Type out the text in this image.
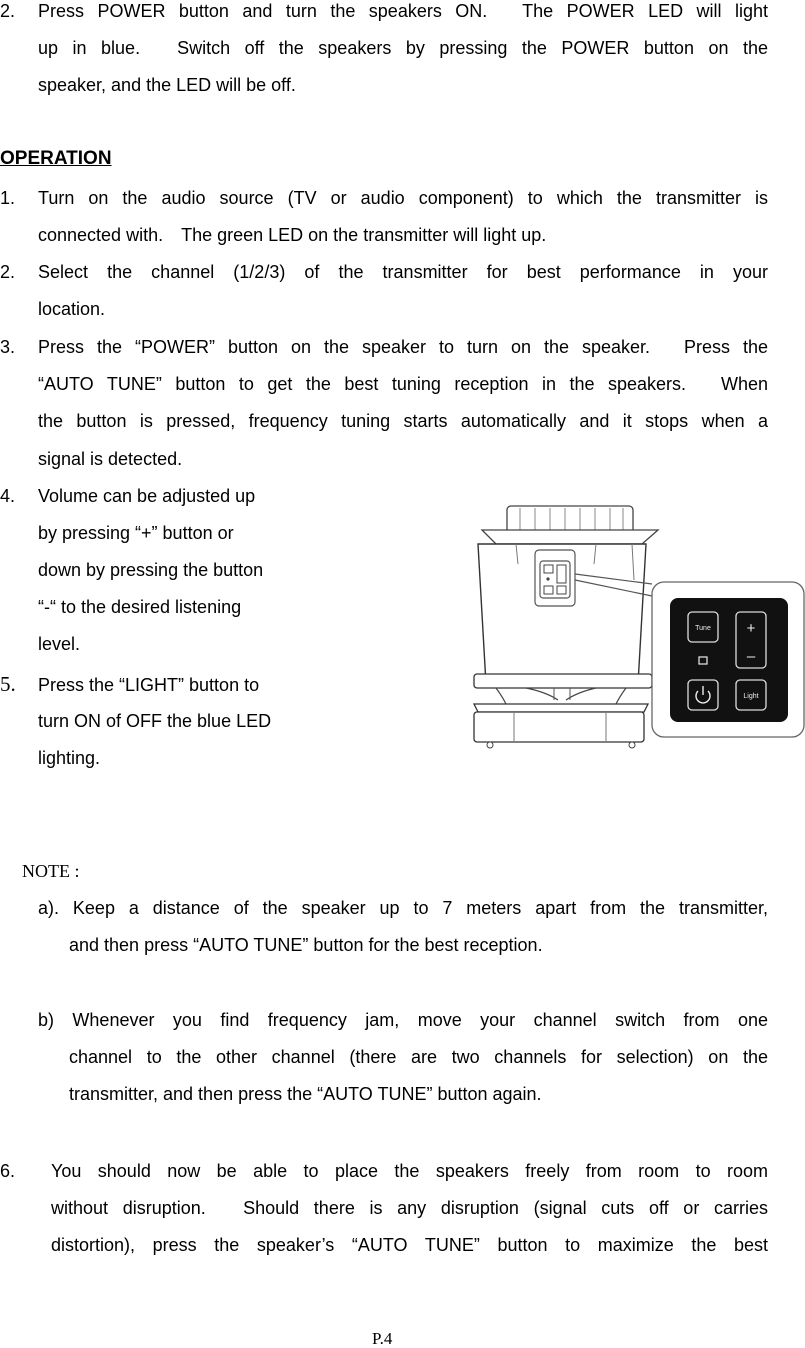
2. Press POWER button and turn the speakers ON.　The POWER LED will light
up in blue.　Switch off the speakers by pressing the POWER button on the
speaker, and the LED will be off.
OPERATION
1. Turn on the audio source (TV or audio component) to which the transmitter is
connected with.　The green LED on the transmitter will light up.
2. Select the channel (1/2/3) of the transmitter for best performance in your
location.
3. Press the “POWER” button on the speaker to turn on the speaker.　Press the
“AUTO TUNE” button to get the best tuning reception in the speakers.　When
the button is pressed, frequency tuning starts automatically and it stops when a
signal is detected.
4. Volume can be adjusted up
by pressing “+” button or
down by pressing the button
“-“ to the desired listening
level.
5. Press the “LIGHT” button to
turn ON of OFF the blue LED
lighting.
Tune +
–
Light
NOTE :
a). Keep a distance of the speaker up to 7 meters apart from the transmitter,
and then press “AUTO TUNE” button for the best reception.
b) Whenever you find frequency jam, move your channel switch from one
channel to the other channel (there are two channels for selection) on the
transmitter, and then press the “AUTO TUNE” button again.
6. You should now be able to place the speakers freely from room to room
without disruption.　Should there is any disruption (signal cuts off or carries
distortion), press the speaker’s “AUTO TUNE” button to maximize the best
P.4
